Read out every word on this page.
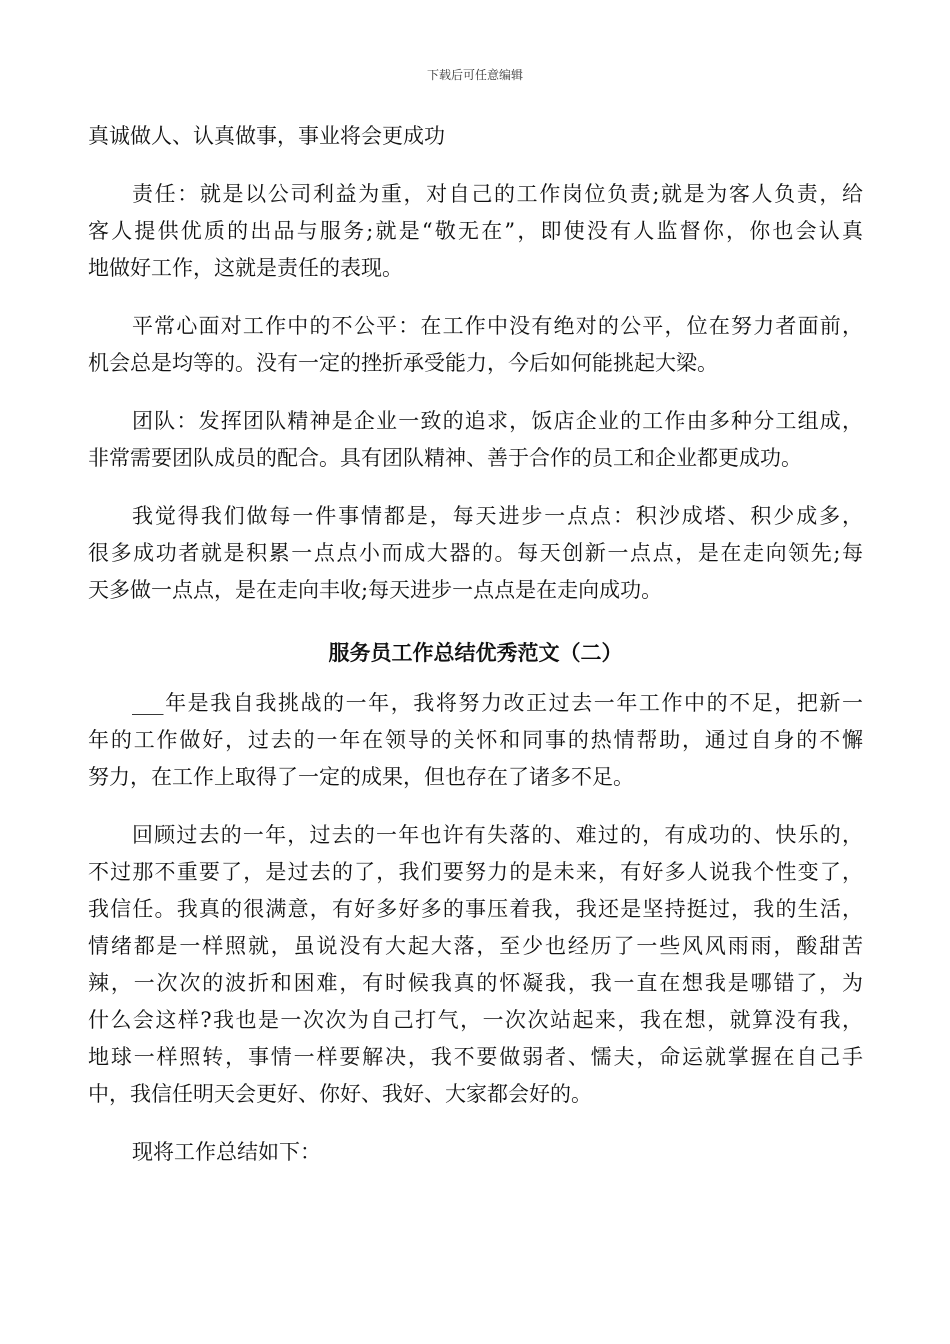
下载后可任意编辑
真诚做人、认真做事，事业将会更成功
责任：就是以公司利益为重，对自己的工作岗位负责;就是为客人负责，给
客人提供优质的出品与服务;就是“敬无在”，即使没有人监督你，你也会认真
地做好工作，这就是责任的表现。
平常心面对工作中的不公平：在工作中没有绝对的公平，位在努力者面前，
机会总是均等的。没有一定的挫折承受能力，今后如何能挑起大梁。
团队：发挥团队精神是企业一致的追求，饭店企业的工作由多种分工组成，
非常需要团队成员的配合。具有团队精神、善于合作的员工和企业都更成功。
我觉得我们做每一件事情都是，每天进步一点点：积沙成塔、积少成多，
很多成功者就是积累一点点小而成大器的。每天创新一点点，是在走向领先;每
天多做一点点，是在走向丰收;每天进步一点点是在走向成功。
服务员工作总结优秀范文（二）
___年是我自我挑战的一年，我将努力改正过去一年工作中的不足，把新一
年的工作做好，过去的一年在领导的关怀和同事的热情帮助，通过自身的不懈
努力，在工作上取得了一定的成果，但也存在了诸多不足。
回顾过去的一年，过去的一年也许有失落的、难过的，有成功的、快乐的，
不过那不重要了，是过去的了，我们要努力的是未来，有好多人说我个性变了，
我信任。我真的很满意，有好多好多的事压着我，我还是坚持挺过，我的生活，
情绪都是一样照就，虽说没有大起大落，至少也经历了一些风风雨雨，酸甜苦
辣，一次次的波折和困难，有时候我真的怀凝我，我一直在想我是哪错了，为
什么会这样?我也是一次次为自己打气，一次次站起来，我在想，就算没有我，
地球一样照转，事情一样要解决，我不要做弱者、懦夫，命运就掌握在自己手
中，我信任明天会更好、你好、我好、大家都会好的。
现将工作总结如下：
